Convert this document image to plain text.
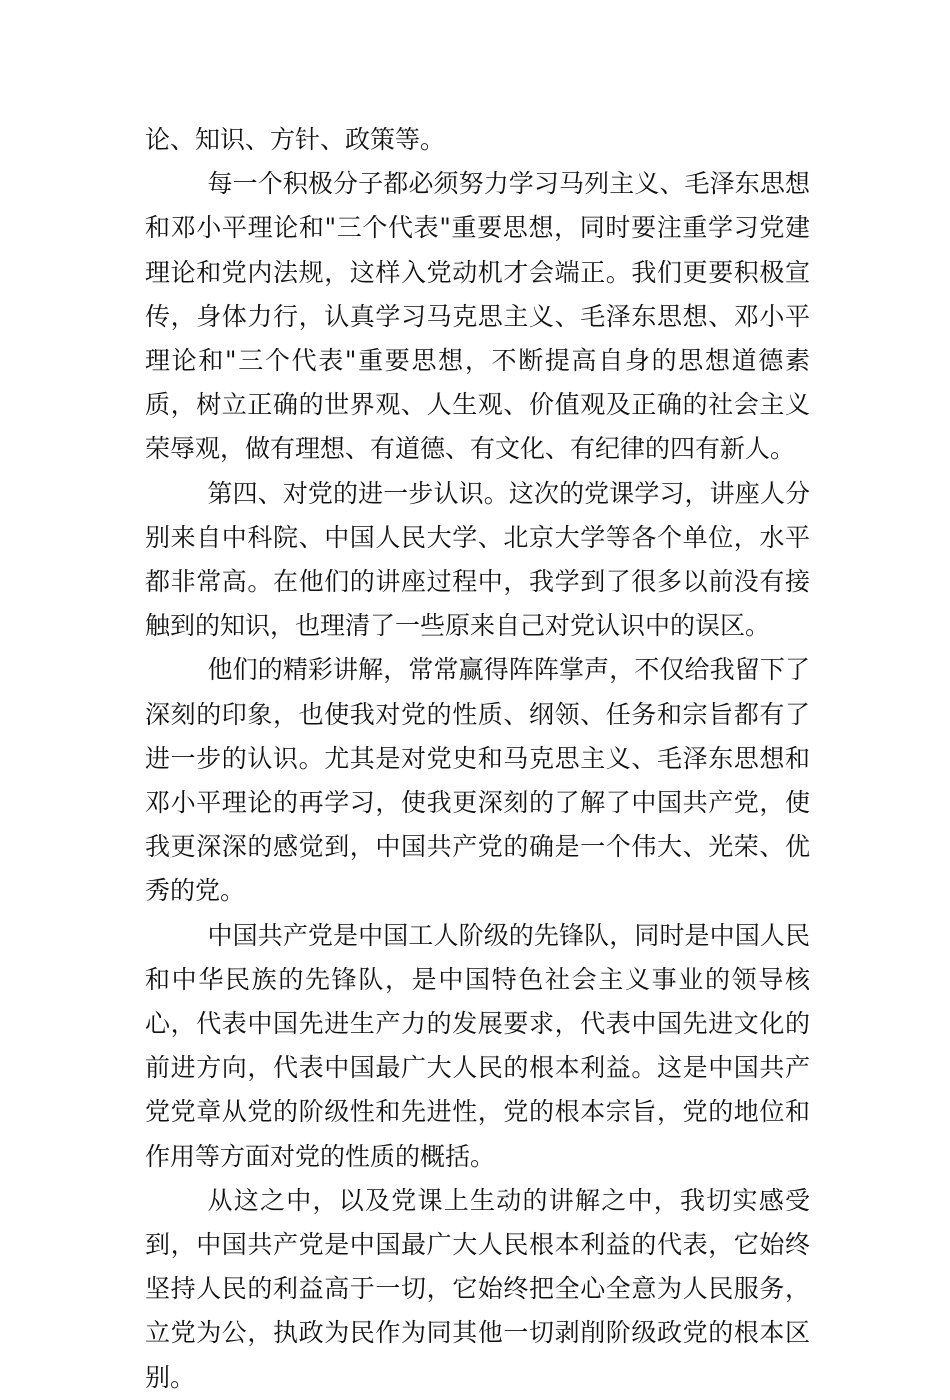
论、知识、方针、政策等。

每一个积极分子都必须努力学习马列主义、毛泽东思想和邓小平理论和"三个代表"重要思想，同时要注重学习党建理论和党内法规，这样入党动机才会端正。我们更要积极宣传，身体力行，认真学习马克思主义、毛泽东思想、邓小平理论和"三个代表"重要思想，不断提高自身的思想道德素质，树立正确的世界观、人生观、价值观及正确的社会主义荣辱观，做有理想、有道德、有文化、有纪律的四有新人。

第四、对党的进一步认识。这次的党课学习，讲座人分别来自中科院、中国人民大学、北京大学等各个单位，水平都非常高。在他们的讲座过程中，我学到了很多以前没有接触到的知识，也理清了一些原来自己对党认识中的误区。

他们的精彩讲解，常常赢得阵阵掌声，不仅给我留下了深刻的印象，也使我对党的性质、纲领、任务和宗旨都有了进一步的认识。尤其是对党史和马克思主义、毛泽东思想和邓小平理论的再学习，使我更深刻的了解了中国共产党，使我更深深的感觉到，中国共产党的确是一个伟大、光荣、优秀的党。

中国共产党是中国工人阶级的先锋队，同时是中国人民和中华民族的先锋队，是中国特色社会主义事业的领导核心，代表中国先进生产力的发展要求，代表中国先进文化的前进方向，代表中国最广大人民的根本利益。这是中国共产党党章从党的阶级性和先进性，党的根本宗旨，党的地位和作用等方面对党的性质的概括。

从这之中，以及党课上生动的讲解之中，我切实感受到，中国共产党是中国最广大人民根本利益的代表，它始终坚持人民的利益高于一切，它始终把全心全意为人民服务，立党为公，执政为民作为同其他一切剥削阶级政党的根本区别。
